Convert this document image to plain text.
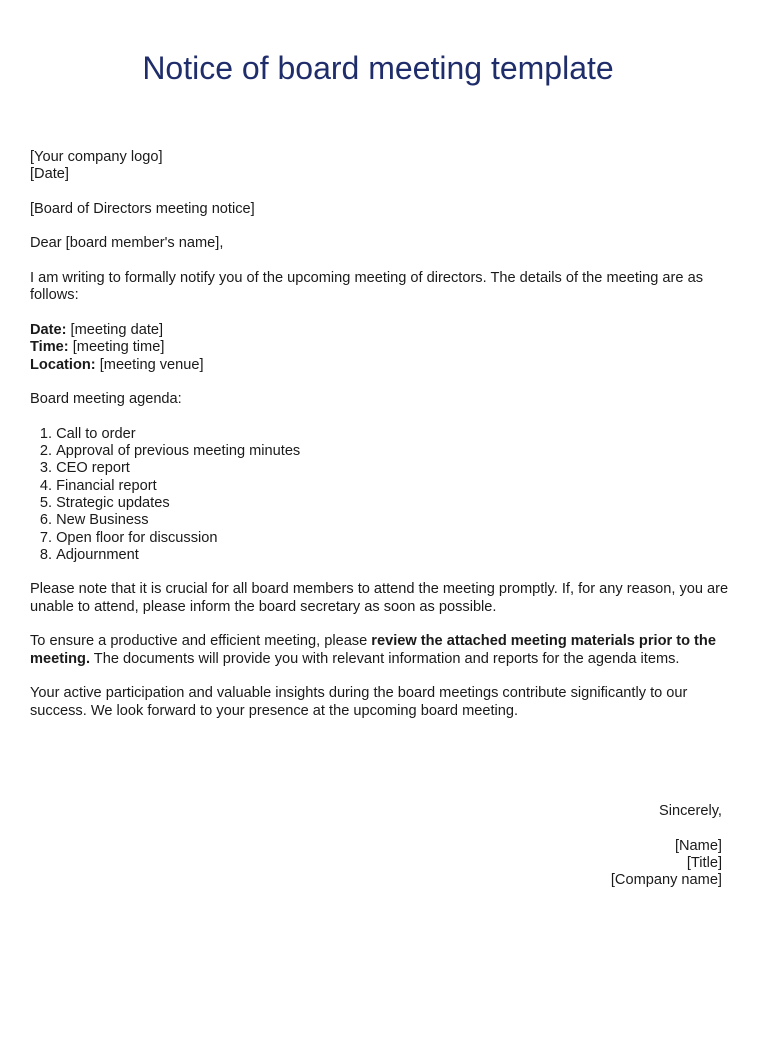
Notice of board meeting template

[Your company logo]

[Date]

[Board of Directors meeting notice]

Dear [board member's name],

I am writing to formally notify you of the upcoming meeting of directors. The details of the meeting are as follows:

Date: [meeting date]

Time: [meeting time]

Location: [meeting venue]

Board meeting agenda:

1.
Call to order
2.
Approval of previous meeting minutes
3.
CEO report
4.
Financial report
5.
Strategic updates
6.
New Business
7.
Open floor for discussion
8.
Adjournment

Please note that it is crucial for all board members to attend the meeting promptly. If, for any reason, you are unable to attend, please inform the board secretary as soon as possible.

To ensure a productive and efficient meeting, please review the attached meeting materials prior to the meeting. The documents will provide you with relevant information and reports for the agenda items.

Your active participation and valuable insights during the board meetings contribute significantly to our success. We look forward to your presence at the upcoming board meeting.

Sincerely,

[Name]

[Title]

[Company name]
